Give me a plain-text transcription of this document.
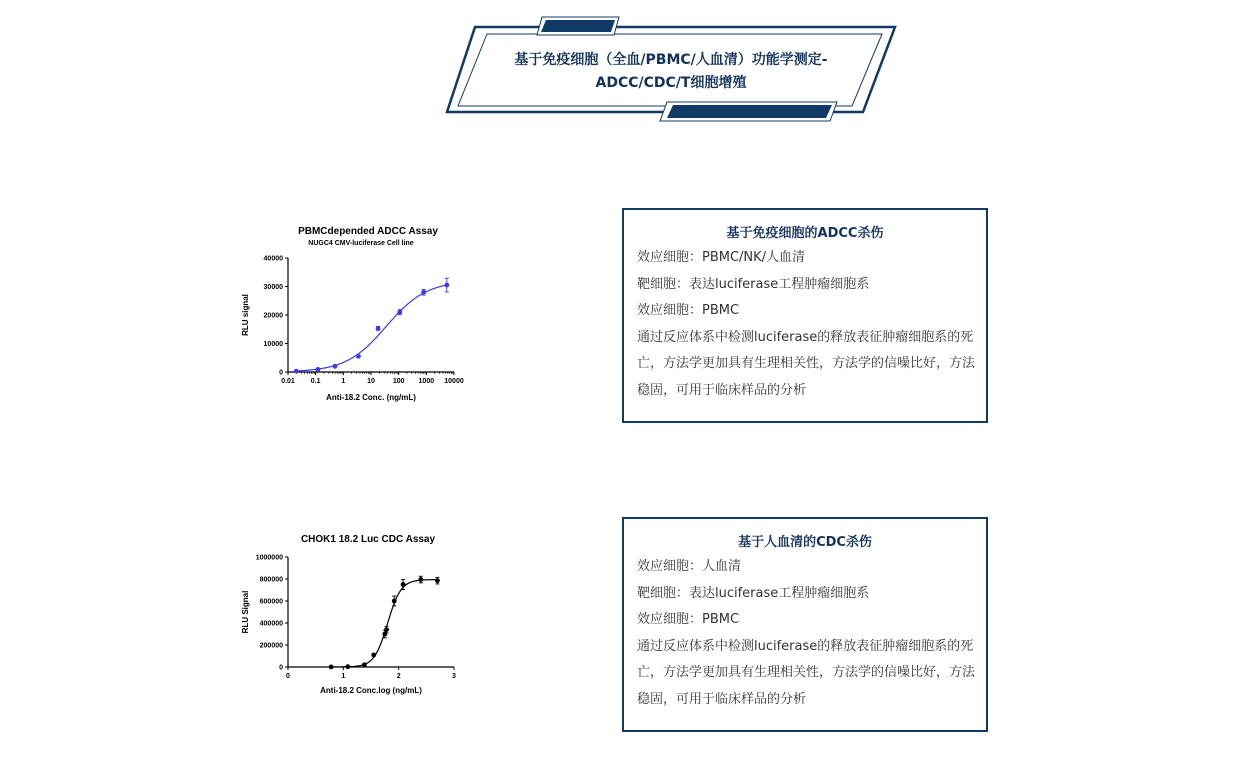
基于免疫细胞（全血/PBMC/人血清）功能学测定-
ADCC/CDC/T细胞增殖
PBMCdepended ADCC Assay
NUGC4 CMV-luciferase Cell line
0
10000
20000
30000
40000
0.01 0.1	1	10	100 1000 10000
Anti-18.2 Conc. (ng/mL)
RLU signal
CHOK1 18.2 Luc CDC Assay
0
200000
400000
600000
800000
1000000
0	1	2	3
Anti-18.2 Conc.log (ng/mL)
RLU Signal
基于免疫细胞的ADCC杀伤
效应细胞：PBMC/NK/人血清
靶细胞：表达luciferase工程肿瘤细胞系
效应细胞：PBMC
通过反应体系中检测luciferase的释放表征肿瘤细胞系的死亡，方法学更加具有生理相关性，方法学的信噪比好，方法稳固，可用于临床样品的分析
基于人血清的CDC杀伤
效应细胞：人血清
靶细胞：表达luciferase工程肿瘤细胞系
效应细胞：PBMC
通过反应体系中检测luciferase的释放表征肿瘤细胞系的死亡，方法学更加具有生理相关性，方法学的信噪比好，方法稳固，可用于临床样品的分析
